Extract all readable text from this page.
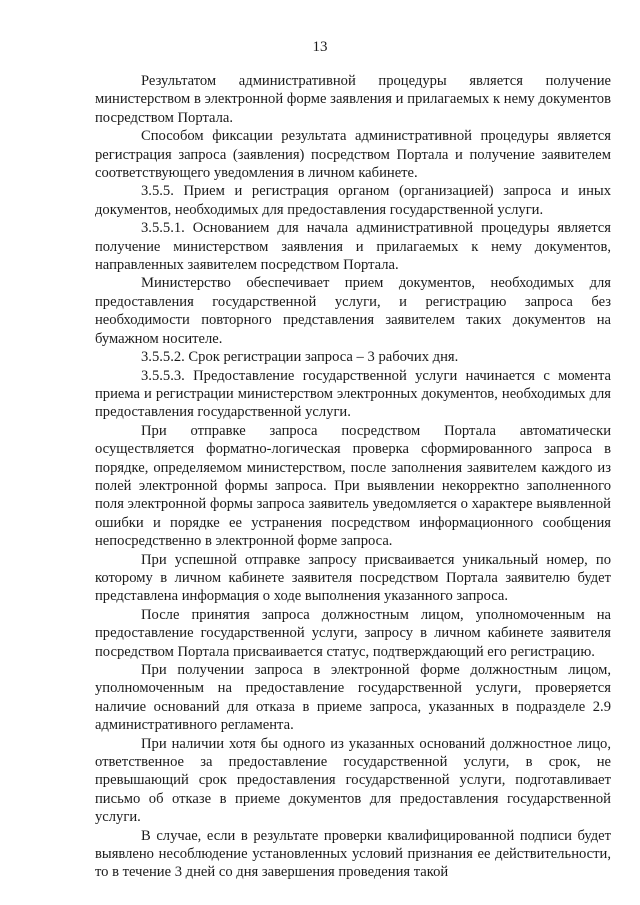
13

Результатом административной процедуры является получение министерством в электронной форме заявления и прилагаемых к нему документов посредством Портала.

Способом фиксации результата административной процедуры является регистрация запроса (заявления) посредством Портала и получение заявителем соответствующего уведомления в личном кабинете.

3.5.5. Прием и регистрация органом (организацией) запроса и иных документов, необходимых для предоставления государственной услуги.

3.5.5.1. Основанием для начала административной процедуры является получение министерством заявления и прилагаемых к нему документов, направленных заявителем посредством Портала.

Министерство обеспечивает прием документов, необходимых для предоставления государственной услуги, и регистрацию запроса без необходимости повторного представления заявителем таких документов на бумажном носителе.

3.5.5.2. Срок регистрации запроса – 3 рабочих дня.

3.5.5.3. Предоставление государственной услуги начинается с момента приема и регистрации министерством электронных документов, необходимых для предоставления государственной услуги.

При отправке запроса посредством Портала автоматически осуществляется форматно-логическая проверка сформированного запроса в порядке, определяемом министерством, после заполнения заявителем каждого из полей электронной формы запроса. При выявлении некорректно заполненного поля электронной формы запроса заявитель уведомляется о характере выявленной ошибки и порядке ее устранения посредством информационного сообщения непосредственно в электронной форме запроса.

При успешной отправке запросу присваивается уникальный номер, по которому в личном кабинете заявителя посредством Портала заявителю будет представлена информация о ходе выполнения указанного запроса.

После принятия запроса должностным лицом, уполномоченным на предоставление государственной услуги, запросу в личном кабинете заявителя посредством Портала присваивается статус, подтверждающий его регистрацию.

При получении запроса в электронной форме должностным лицом, уполномоченным на предоставление государственной услуги, проверяется наличие оснований для отказа в приеме запроса, указанных в подразделе 2.9 административного регламента.

При наличии хотя бы одного из указанных оснований должностное лицо, ответственное за предоставление государственной услуги, в срок, не превышающий срок предоставления государственной услуги, подготавливает письмо об отказе в приеме документов для предоставления государственной услуги.

В случае, если в результате проверки квалифицированной подписи будет выявлено несоблюдение установленных условий признания ее действительности, то в течение 3 дней со дня завершения проведения такой
